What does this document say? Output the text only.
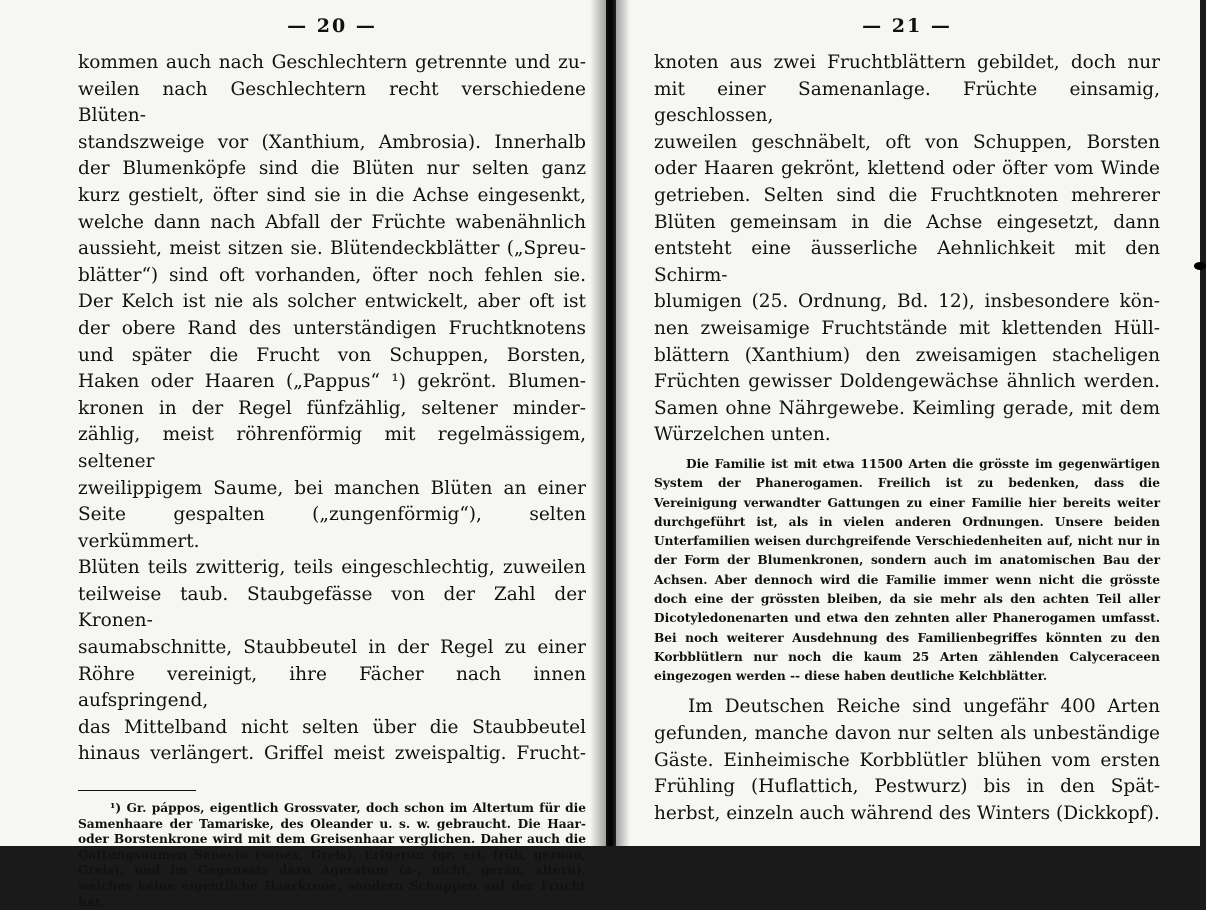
— 20 —

kommen auch nach Geschlechtern getrennte und zu-

weilen nach Geschlechtern recht verschiedene Blüten-

standszweige vor (Xanthium, Ambrosia). Innerhalb

der Blumenköpfe sind die Blüten nur selten ganz

kurz gestielt, öfter sind sie in die Achse eingesenkt,

welche dann nach Abfall der Früchte wabenähnlich

aussieht, meist sitzen sie. Blütendeckblätter („Spreu-

blätter“) sind oft vorhanden, öfter noch fehlen sie.

Der Kelch ist nie als solcher entwickelt, aber oft ist

der obere Rand des unterständigen Fruchtknotens

und später die Frucht von Schuppen, Borsten,

Haken oder Haaren („Pappus“ ¹) gekrönt. Blumen-

kronen in der Regel fünfzählig, seltener minder-

zählig, meist röhrenförmig mit regelmässigem, seltener

zweilippigem Saume, bei manchen Blüten an einer

Seite gespalten („zungenförmig“), selten verkümmert.

Blüten teils zwitterig, teils eingeschlechtig, zuweilen

teilweise taub. Staubgefässe von der Zahl der Kronen-

saumabschnitte, Staubbeutel in der Regel zu einer

Röhre vereinigt, ihre Fächer nach innen aufspringend,

das Mittelband nicht selten über die Staubbeutel

hinaus verlängert. Griffel meist zweispaltig. Frucht-

¹) Gr. páppos, eigentlich Grossvater, doch schon im Altertum für die Samenhaare der Tamariske, des Oleander u. s. w. gebraucht. Die Haar- oder Borstenkrone wird mit dem Greisenhaar verglichen. Daher auch die Gattungsnamen Senecio (senex, Greis), Erigeron (gr. eri, früh, geroon, Greis), und im Gegensatz dazu Ageratum (a-, nicht, gerán, altern), welches keine eigentliche Haarkrone, sondern Schuppen auf der Frucht hat.

— 21 —

knoten aus zwei Fruchtblättern gebildet, doch nur

mit einer Samenanlage. Früchte einsamig, geschlossen,

zuweilen geschnäbelt, oft von Schuppen, Borsten

oder Haaren gekrönt, klettend oder öfter vom Winde

getrieben. Selten sind die Fruchtknoten mehrerer

Blüten gemeinsam in die Achse eingesetzt, dann

entsteht eine äusserliche Aehnlichkeit mit den Schirm-

blumigen (25. Ordnung, Bd. 12), insbesondere kön-

nen zweisamige Fruchtstände mit klettenden Hüll-

blättern (Xanthium) den zweisamigen stacheligen

Früchten gewisser Doldengewächse ähnlich werden.

Samen ohne Nährgewebe. Keimling gerade, mit dem

Würzelchen unten.

Die Familie ist mit etwa 11500 Arten die grösste im gegenwärtigen System der Phanerogamen. Freilich ist zu bedenken, dass die Vereinigung verwandter Gattungen zu einer Familie hier bereits weiter durchgeführt ist, als in vielen anderen Ordnungen. Unsere beiden Unterfamilien weisen durchgreifende Verschiedenheiten auf, nicht nur in der Form der Blumenkronen, sondern auch im anatomischen Bau der Achsen. Aber dennoch wird die Familie immer wenn nicht die grösste doch eine der grössten bleiben, da sie mehr als den achten Teil aller Dicotyledonenarten und etwa den zehnten aller Phanerogamen umfasst. Bei noch weiterer Ausdehnung des Familienbegriffes könnten zu den Korbblütlern nur noch die kaum 25 Arten zählenden Calyceraceen eingezogen werden -- diese haben deutliche Kelchblätter.

Im Deutschen Reiche sind ungefähr 400 Arten

gefunden, manche davon nur selten als unbeständige

Gäste. Einheimische Korbblütler blühen vom ersten

Frühling (Huflattich, Pestwurz) bis in den Spät-

herbst, einzeln auch während des Winters (Dickkopf).
